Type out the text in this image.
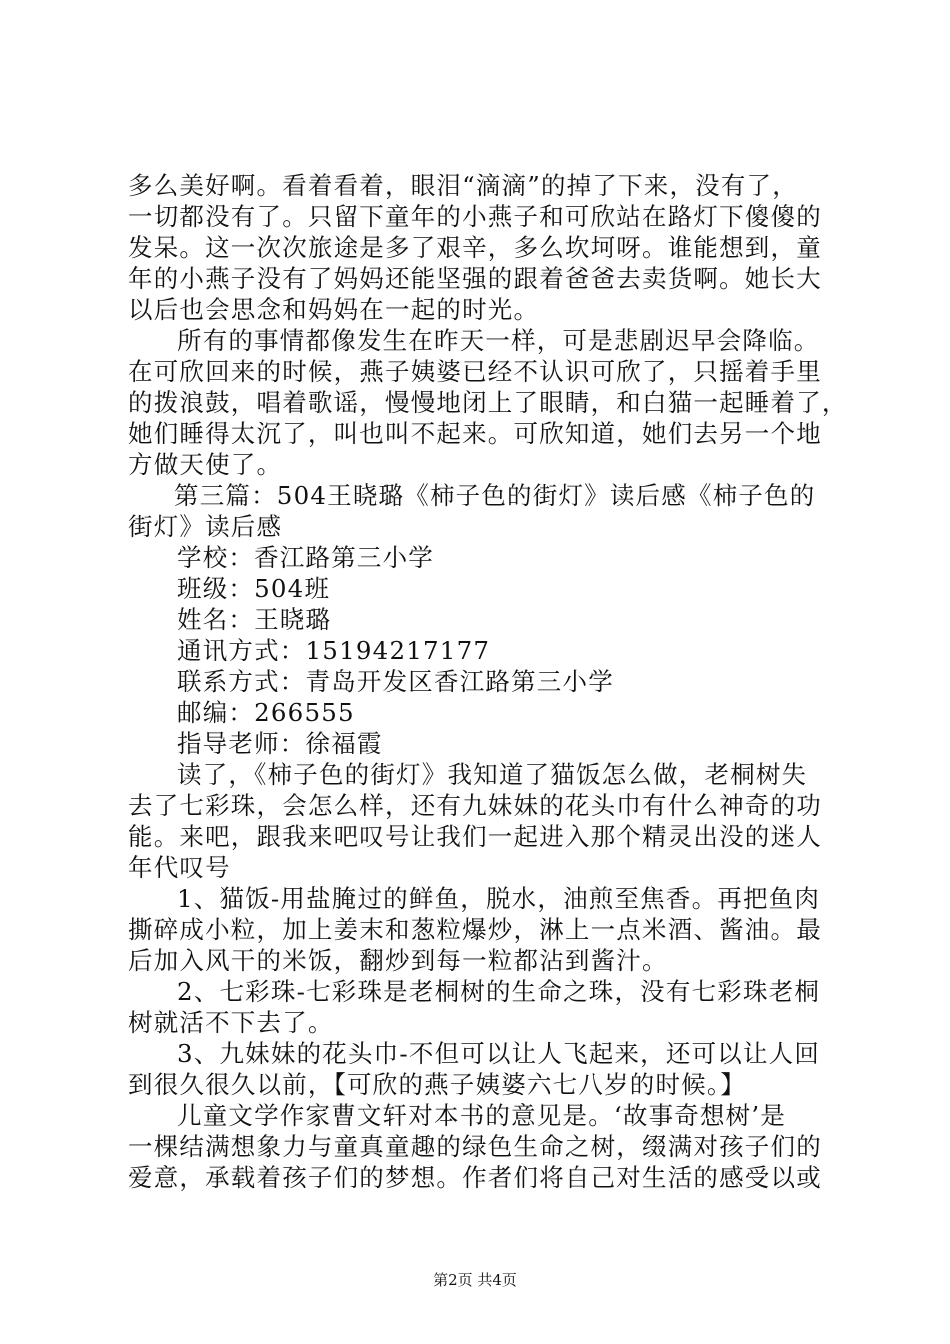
多么美好啊。看着看着，眼泪“滴滴”的掉了下来，没有了，
一切都没有了。只留下童年的小燕子和可欣站在路灯下傻傻的
发呆。这一次次旅途是多了艰辛，多么坎坷呀。谁能想到，童
年的小燕子没有了妈妈还能坚强的跟着爸爸去卖货啊。她长大
以后也会思念和妈妈在一起的时光。
所有的事情都像发生在昨天一样，可是悲剧迟早会降临。
在可欣回来的时候，燕子姨婆已经不认识可欣了，只摇着手里
的拨浪鼓，唱着歌谣，慢慢地闭上了眼睛，和白猫一起睡着了，
她们睡得太沉了，叫也叫不起来。可欣知道，她们去另一个地
方做天使了。
第三篇：504王晓璐《柿子色的街灯》读后感《柿子色的
街灯》读后感
学校：香江路第三小学
班级：504班
姓名：王晓璐
通讯方式：15194217177
联系方式：青岛开发区香江路第三小学
邮编：266555
指导老师：徐福霞
读了，《柿子色的街灯》我知道了猫饭怎么做，老桐树失
去了七彩珠，会怎么样，还有九妹妹的花头巾有什么神奇的功
能。来吧，跟我来吧叹号让我们一起进入那个精灵出没的迷人
年代叹号
1、猫饭-用盐腌过的鲜鱼，脱水，油煎至焦香。再把鱼肉
撕碎成小粒，加上姜末和葱粒爆炒，淋上一点米酒、酱油。最
后加入风干的米饭，翻炒到每一粒都沾到酱汁。
2、七彩珠-七彩珠是老桐树的生命之珠，没有七彩珠老桐
树就活不下去了。
3、九妹妹的花头巾-不但可以让人飞起来，还可以让人回
到很久很久以前，【可欣的燕子姨婆六七八岁的时候。】
儿童文学作家曹文轩对本书的意见是。‘故事奇想树’是
一棵结满想象力与童真童趣的绿色生命之树，缀满对孩子们的
爱意，承载着孩子们的梦想。作者们将自己对生活的感受以或
第2页 共4页
